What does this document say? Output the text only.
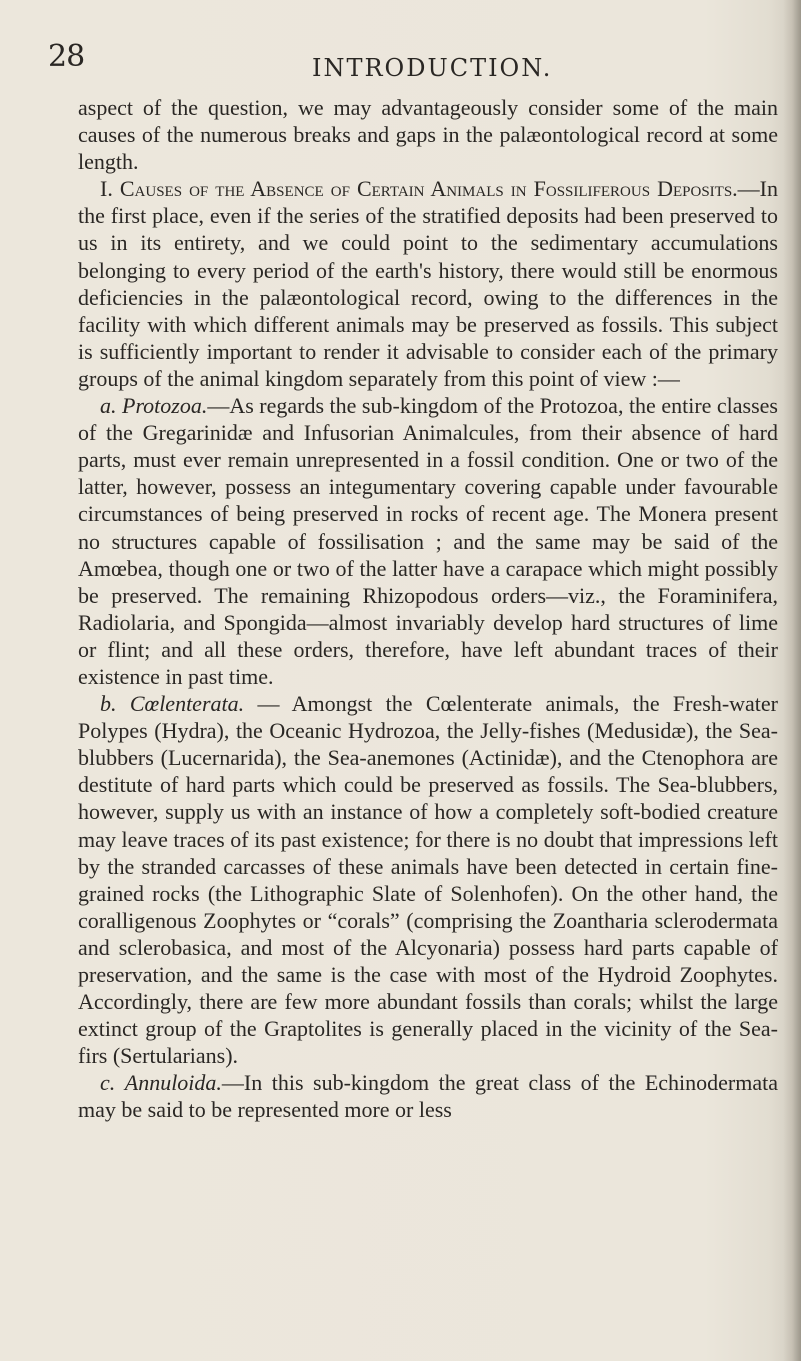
28	INTRODUCTION.

aspect of the question, we may advantageously consider some of the main causes of the numerous breaks and gaps in the palæontological record at some length.

I. Causes of the Absence of Certain Animals in Fossiliferous Deposits.—In the first place, even if the series of the stratified deposits had been preserved to us in its entirety, and we could point to the sedimentary accumulations belonging to every period of the earth's history, there would still be enormous deficiencies in the palæontological record, owing to the differences in the facility with which different animals may be preserved as fossils. This subject is sufficiently important to render it advisable to consider each of the primary groups of the animal kingdom separately from this point of view :—

a. Protozoa.—As regards the sub-kingdom of the Protozoa, the entire classes of the Gregarinidæ and Infusorian Animalcules, from their absence of hard parts, must ever remain unrepresented in a fossil condition. One or two of the latter, however, possess an integumentary covering capable under favourable circumstances of being preserved in rocks of recent age. The Monera present no structures capable of fossilisation ; and the same may be said of the Amœbea, though one or two of the latter have a carapace which might possibly be preserved. The remaining Rhizopodous orders—viz., the Foraminifera, Radiolaria, and Spongida—almost invariably develop hard structures of lime or flint; and all these orders, therefore, have left abundant traces of their existence in past time.

b. Cœlenterata. — Amongst the Cœlenterate animals, the Fresh-water Polypes (Hydra), the Oceanic Hydrozoa, the Jelly-fishes (Medusidæ), the Sea-blubbers (Lucernarida), the Sea-anemones (Actinidæ), and the Ctenophora are destitute of hard parts which could be preserved as fossils. The Sea-blubbers, however, supply us with an instance of how a completely soft-bodied creature may leave traces of its past existence; for there is no doubt that impressions left by the stranded carcasses of these animals have been detected in certain fine-grained rocks (the Lithographic Slate of Solenhofen). On the other hand, the coralligenous Zoophytes or “corals” (comprising the Zoantharia sclerodermata and sclerobasica, and most of the Alcyonaria) possess hard parts capable of preservation, and the same is the case with most of the Hydroid Zoophytes. Accordingly, there are few more abundant fossils than corals; whilst the large extinct group of the Graptolites is generally placed in the vicinity of the Sea-firs (Sertularians).

c. Annuloida.—In this sub-kingdom the great class of the Echinodermata may be said to be represented more or less
